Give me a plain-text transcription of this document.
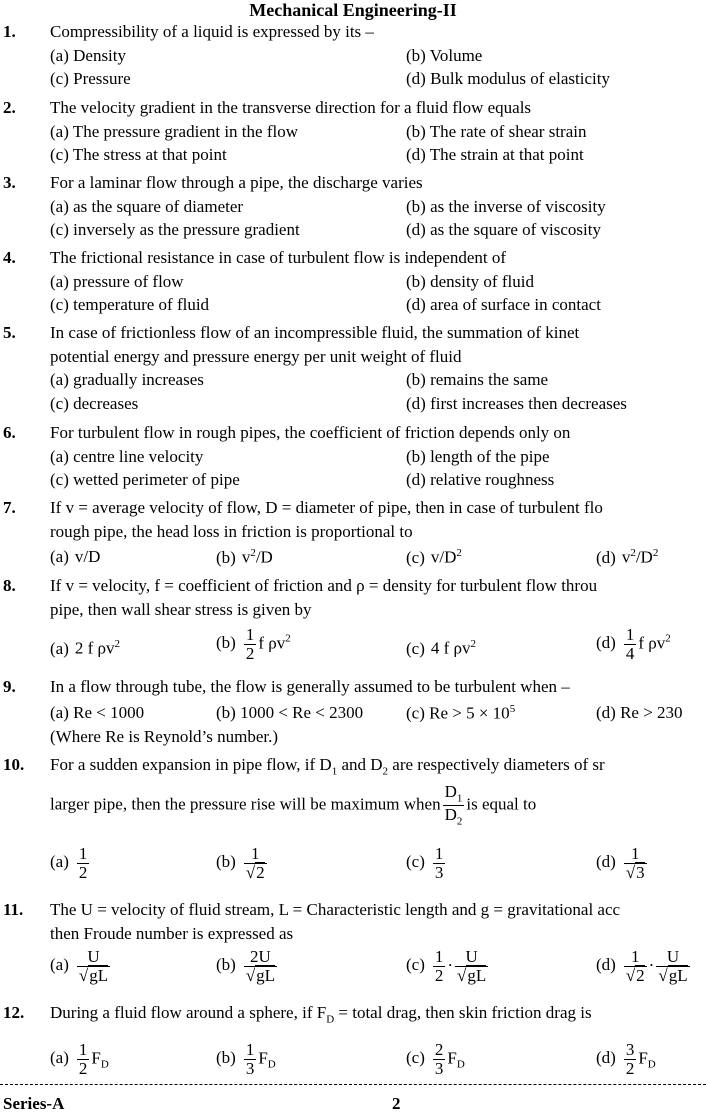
Mechanical Engineering-II
1. Compressibility of a liquid is expressed by its –
(a) Density	(b) Volume
(c) Pressure	(d) Bulk modulus of elasticity
2. The velocity gradient in the transverse direction for a fluid flow equals
(a) The pressure gradient in the flow	(b) The rate of shear strain
(c) The stress at that point	(d) The strain at that point
3. For a laminar flow through a pipe, the discharge varies
(a) as the square of diameter	(b) as the inverse of viscosity
(c) inversely as the pressure gradient	(d) as the square of viscosity
4. The frictional resistance in case of turbulent flow is independent of
(a) pressure of flow	(b) density of fluid
(c) temperature of fluid	(d) area of surface in contact
5. In case of frictionless flow of an incompressible fluid, the summation of kinet
potential energy and pressure energy per unit weight of fluid
(a) gradually increases	(b) remains the same
(c) decreases	(d) first increases then decreases
6. For turbulent flow in rough pipes, the coefficient of friction depends only on
(a) centre line velocity	(b) length of the pipe
(c) wetted perimeter of pipe	(d) relative roughness
7. If v = average velocity of flow, D = diameter of pipe, then in case of turbulent flo
rough pipe, the head loss in friction is proportional to
(a) v/D	(b) $v^2/D$	(c) $v/D^2$	(d) $v^2/D^2$
8. If v = velocity, f = coefficient of friction and ρ = density for turbulent flow throu
pipe, then wall shear stress is given by
(a) 2 f $\rho v^2$	$(b) \frac{1}{2}$ f $\rho v^2$
(c) 4 f $\rho v^2$	$(d) \frac{1}{4}$ f $\rho v^2$
9. In a flow through tube, the flow is generally assumed to be turbulent when –
(a) Re < 1000	(b) 1000 < Re < 2300	(c) $Re > 5 \times 10^5$	(d) Re > 230
(Where Re is Reynold’s number.)
10. For a sudden expansion in pipe flow, if $D_1$ and $D_2$ are respectively diameters of sr
larger pipe, then the pressure rise will be maximum when $\frac{D_1}{D_2}$ is equal to
$(a) \frac{1}{2}$	$(b) \frac{1}{√2}$	$(c) \frac{1}{3}$	$(d) \frac{1}{√3}$
11. The U = velocity of fluid stream, L = Characteristic length and g = gravitational acc
then Froude number is expressed as
$(a) \frac{U}{√gL}$	$(b) \frac{2U}{√gL}$	$(c) \frac{1}{2} \cdot \frac{U}{√gL}$	$(d) \frac{1}{√2} \cdot \frac{U}{√gL}$
12. During a fluid flow around a sphere, if $F_D$ = total drag, then skin friction drag is
$(a) \frac{1}{2} F_D$	$(b) \frac{1}{3} F_D$	$(c) \frac{2}{3} F_D$	$(d) \frac{3}{2} F_D$
Series-A	2
